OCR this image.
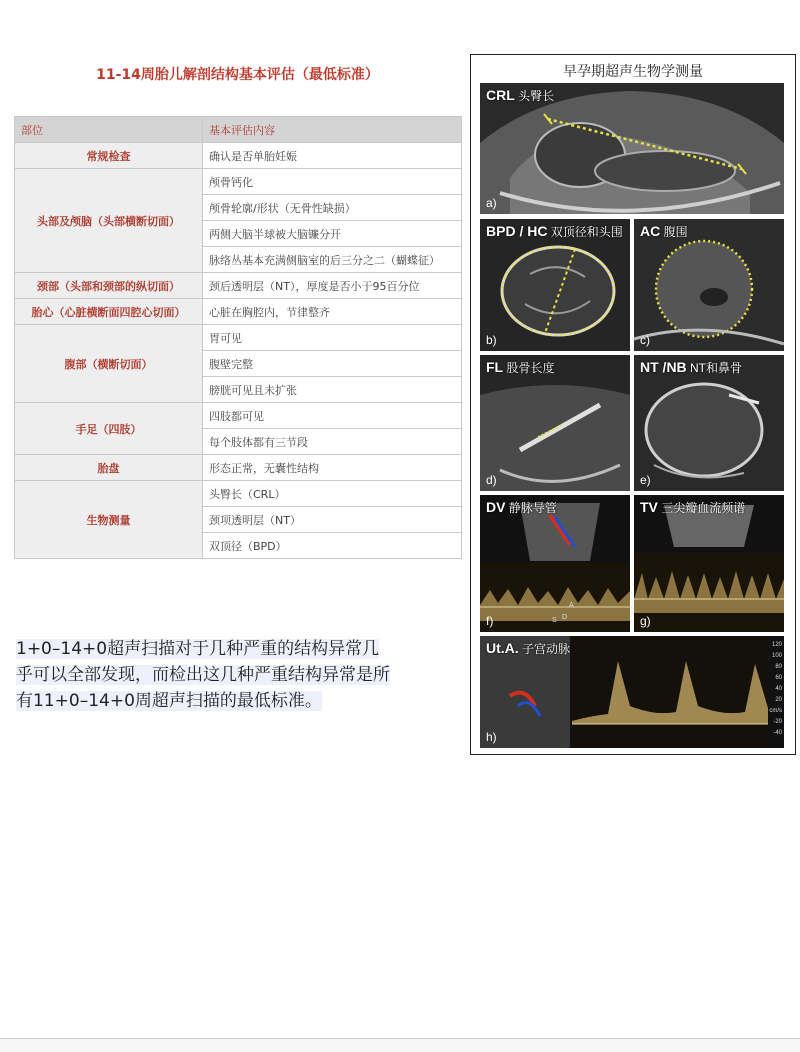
11-14周胎儿解剖结构基本评估（最低标准）
部位	基本评估内容
常规检查	确认是否单胎妊娠
头部及颅脑（头部横断切面）	颅骨钙化
	颅骨轮廓/形状（无骨性缺损）
	两侧大脑半球被大脑镰分开
	脉络丛基本充满侧脑室的后三分之二（蝴蝶征）
颈部（头部和颈部的纵切面）	颈后透明层（NT），厚度是否小于95百分位
胎心（心脏横断面四腔心切面）	心脏在胸腔内，节律整齐
腹部（横断切面）	胃可见
	腹壁完整
	膀胱可见且未扩张
手足（四肢）	四肢都可见
	每个肢体都有三节段
胎盘	形态正常，无囊性结构
生物测量	头臀长（CRL）
	颈项透明层（NT）
	双顶径（BPD）

1+0–14+0超声扫描对于几种严重的结构异常几乎可以全部发现，而检出这几种严重结构异常是所有11+0–14+0周超声扫描的最低标准。

早孕期超声生物学测量

CRL 头臀长
a)
BPD / HC 双顶径和头围
b)
AC 腹围
c)
FL 股骨长度
d)
NT /NB NT和鼻骨
e)
S D
A
DV 静脉导管
f)
TV 三尖瓣血流频谱
g)
120
100
80
60
40
20
cm/s
-20
-40
Ut.A. 子宫动脉
h)
